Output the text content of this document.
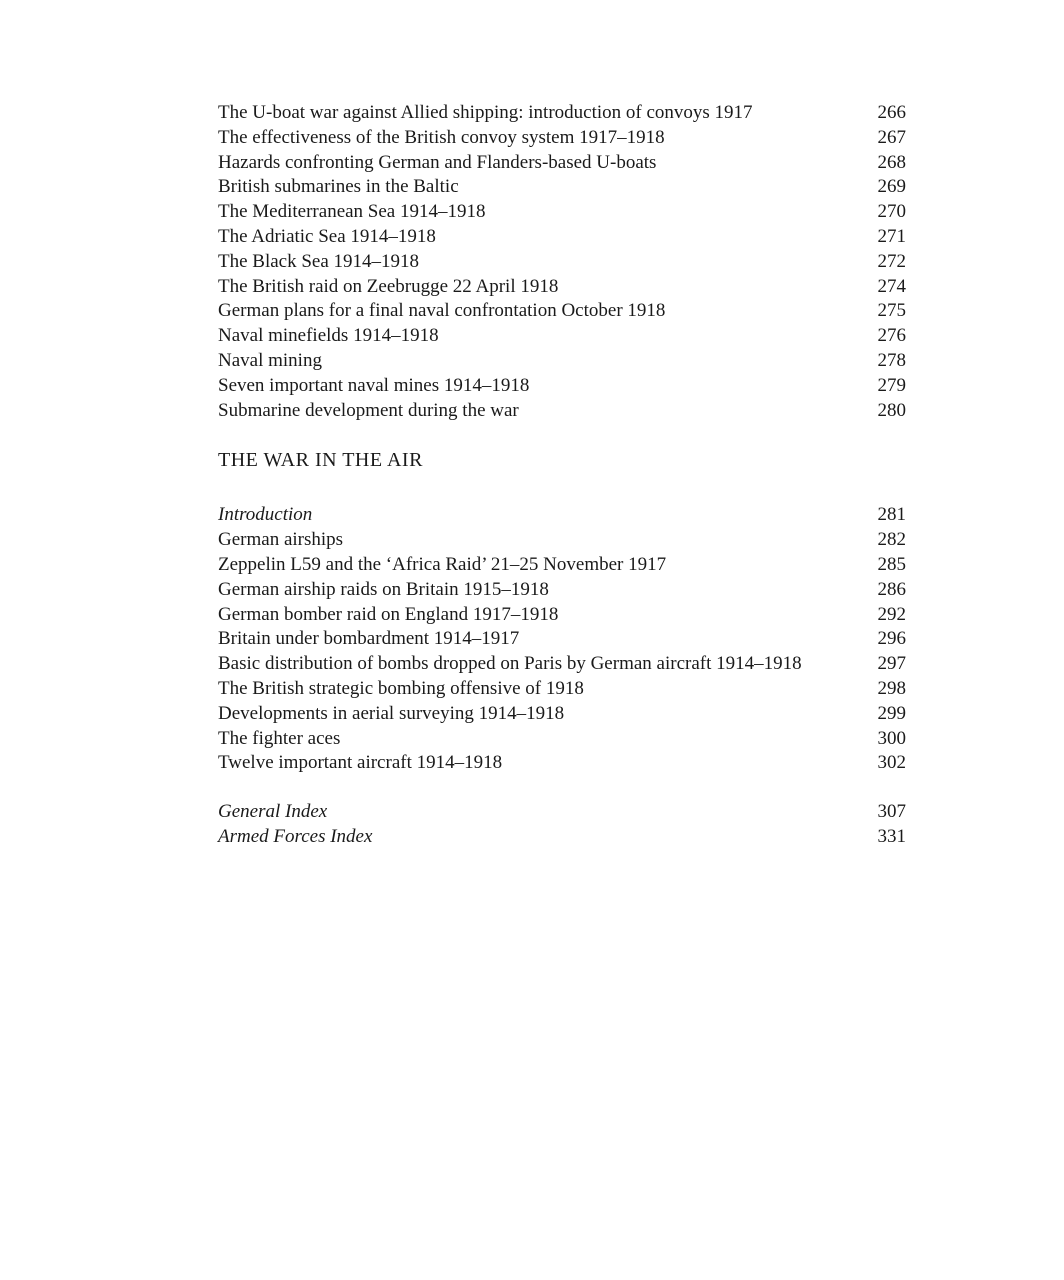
The U-boat war against Allied shipping: introduction of convoys 1917	266
The effectiveness of the British convoy system 1917–1918	267
Hazards confronting German and Flanders-based U-boats	268
British submarines in the Baltic	269
The Mediterranean Sea 1914–1918	270
The Adriatic Sea 1914–1918	271
The Black Sea 1914–1918	272
The British raid on Zeebrugge 22 April 1918	274
German plans for a final naval confrontation October 1918	275
Naval minefields 1914–1918	276
Naval mining	278
Seven important naval mines 1914–1918	279
Submarine development during the war	280
THE WAR IN THE AIR
Introduction	281
German airships	282
Zeppelin L59 and the ‘Africa Raid’ 21–25 November 1917	285
German airship raids on Britain 1915–1918	286
German bomber raid on England 1917–1918	292
Britain under bombardment 1914–1917	296
Basic distribution of bombs dropped on Paris by German aircraft 1914–1918	297
The British strategic bombing offensive of 1918	298
Developments in aerial surveying 1914–1918	299
The fighter aces	300
Twelve important aircraft 1914–1918	302
General Index	307
Armed Forces Index	331
